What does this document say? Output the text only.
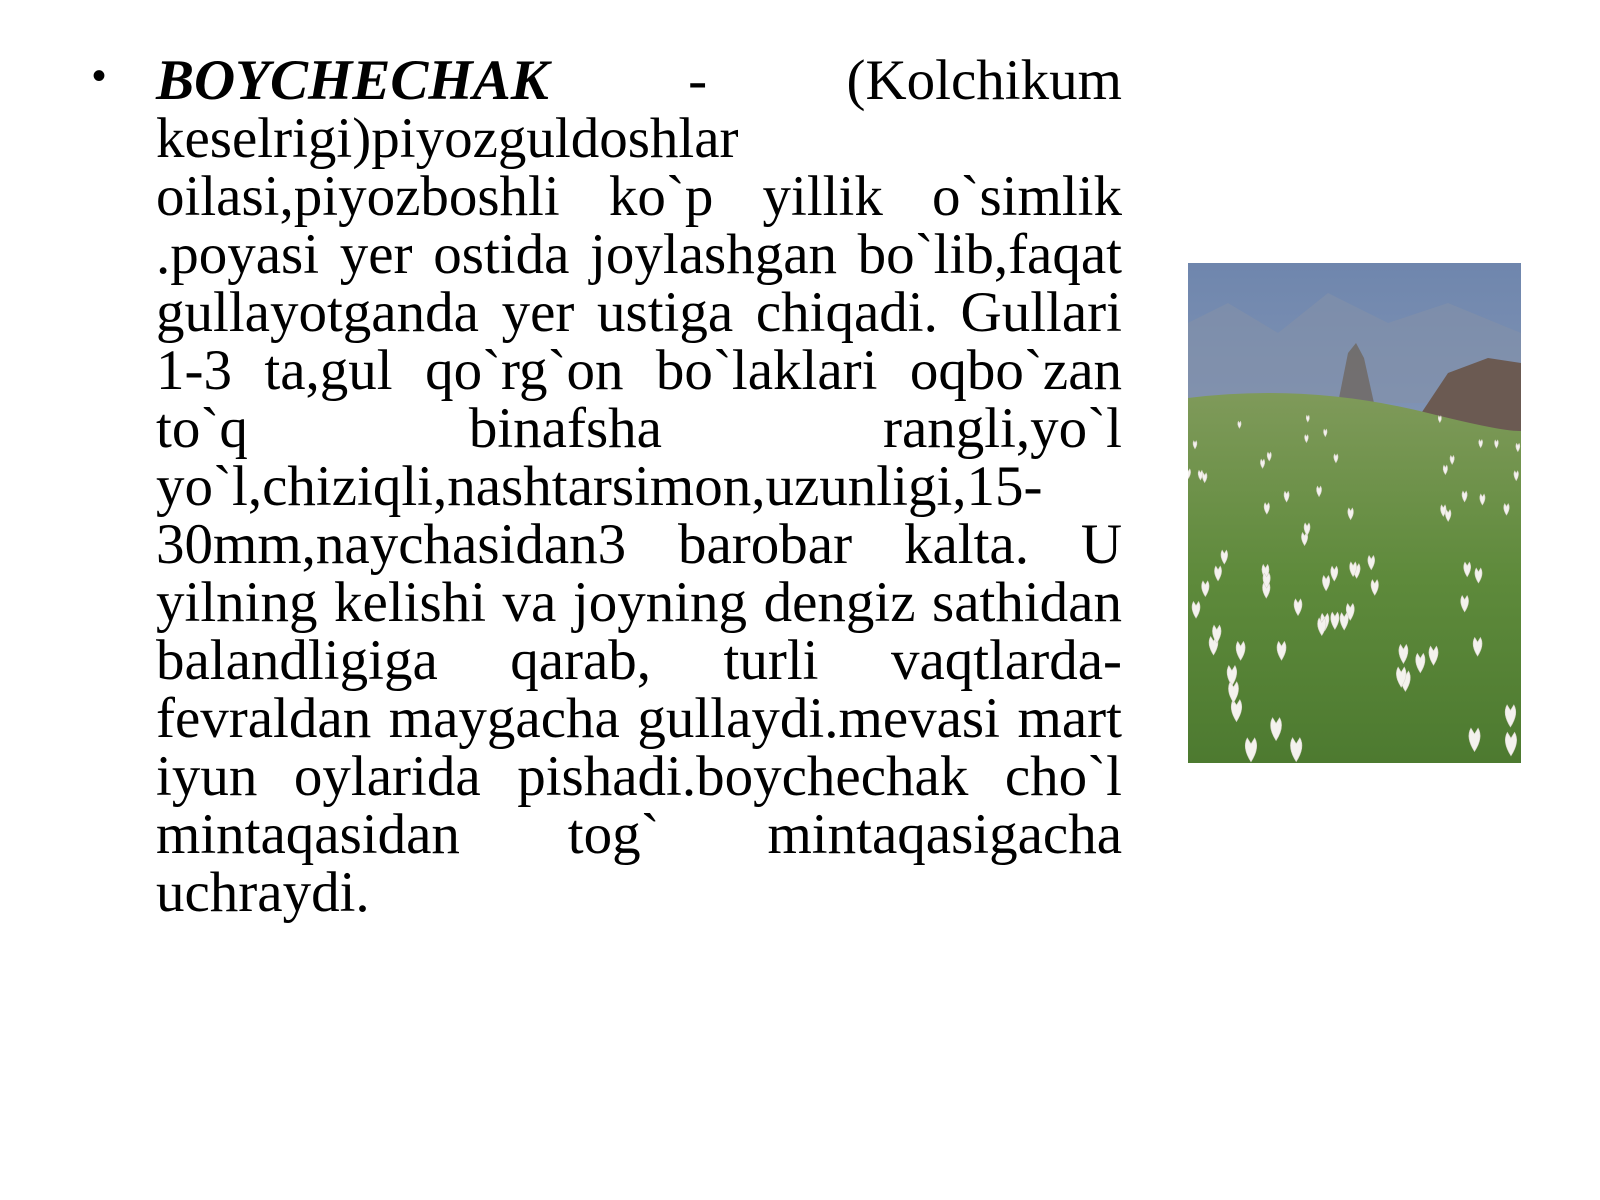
• BOYCHECHAK - (Kolchikum keselrigi)piyozguldoshlar oilasi,piyozboshli ko`p yillik o`simlik .poyasi yer ostida joylashgan bo`lib,faqat gullayotganda yer ustiga chiqadi. Gullari 1-3 ta,gul qo`rg`on bo`laklari oqbo`zan to`q binafsha rangli,yo`l yo`l,chiziqli,nashtarsimon,uzunligi,15-30mm,naychasidan3 barobar kalta. U yilning kelishi va joyning dengiz sathidan balandligiga qarab, turli vaqtlarda-fevraldan maygacha gullaydi.mevasi mart iyun oylarida pishadi.boychechak cho`l mintaqasidan tog` mintaqasigacha uchraydi.
